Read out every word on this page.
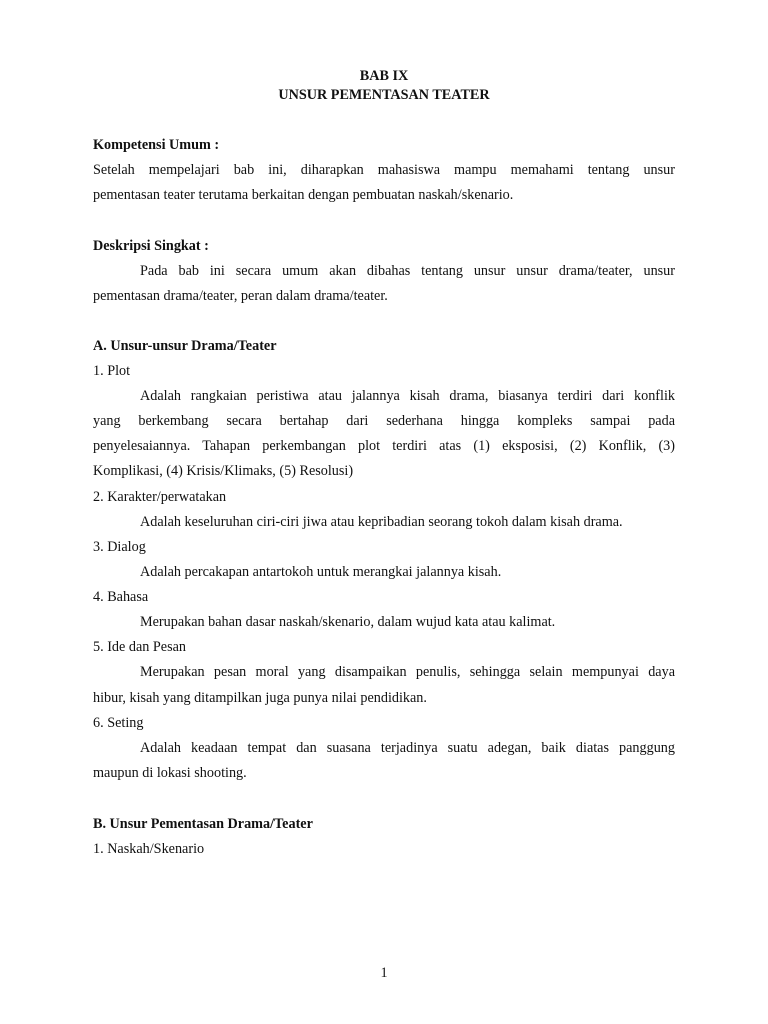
BAB IX
UNSUR PEMENTASAN TEATER
Kompetensi Umum :
Setelah mempelajari bab ini, diharapkan mahasiswa mampu memahami tentang unsur
pementasan teater terutama berkaitan dengan pembuatan naskah/skenario.
Deskripsi Singkat :
Pada bab ini secara umum akan dibahas tentang unsur unsur drama/teater, unsur
pementasan drama/teater, peran dalam drama/teater.
A. Unsur-unsur Drama/Teater
1. Plot
Adalah rangkaian peristiwa atau jalannya kisah drama, biasanya terdiri dari konflik
yang berkembang secara bertahap dari sederhana hingga kompleks sampai pada
penyelesaiannya. Tahapan perkembangan plot terdiri atas (1) eksposisi, (2) Konflik, (3)
Komplikasi, (4) Krisis/Klimaks, (5) Resolusi)
2. Karakter/perwatakan
Adalah keseluruhan ciri-ciri jiwa atau kepribadian seorang tokoh dalam kisah drama.
3. Dialog
Adalah percakapan antartokoh untuk merangkai jalannya kisah.
4. Bahasa
Merupakan bahan dasar naskah/skenario, dalam wujud kata atau kalimat.
5. Ide dan Pesan
Merupakan pesan moral yang disampaikan penulis, sehingga selain mempunyai daya
hibur, kisah yang ditampilkan juga punya nilai pendidikan.
6. Seting
Adalah keadaan tempat dan suasana terjadinya suatu adegan, baik diatas panggung
maupun di lokasi shooting.
B. Unsur Pementasan Drama/Teater
1. Naskah/Skenario
1
